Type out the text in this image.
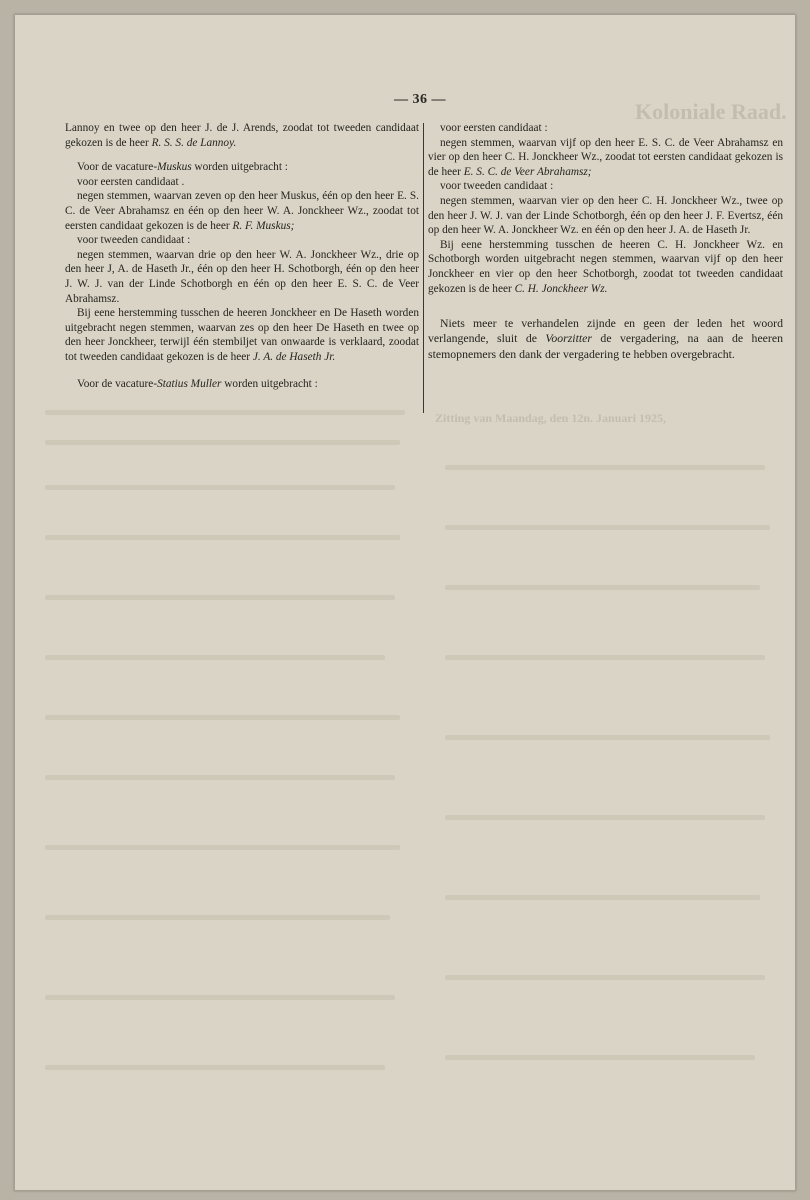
Koloniale Raad.
Zitting van Maandag, den 12n. Januari 1925,
— 36 —

Lannoy en twee op den heer J. de J. Arends, zoodat tot tweeden candidaat gekozen is de heer R. S. S. de Lannoy.

Voor de vacature-Muskus worden uitgebracht :

voor eersten candidaat .

negen stemmen, waarvan zeven op den heer Muskus, één op den heer E. S. C. de Veer Abrahamsz en één op den heer W. A. Jonckheer Wz., zoodat tot eersten candidaat gekozen is de heer R. F. Muskus;

voor tweeden candidaat :

negen stemmen, waarvan drie op den heer W. A. Jonckheer Wz., drie op den heer J, A. de Haseth Jr., één op den heer H. Schotborgh, één op den heer J. W. J. van der Linde Schotborgh en één op den heer E. S. C. de Veer Abrahamsz.

Bij eene herstemming tusschen de heeren Jonckheer en De Haseth worden uitgebracht negen stemmen, waarvan zes op den heer De Haseth en twee op den heer Jonckheer, terwijl één stembiljet van onwaarde is verklaard, zoodat tot tweeden candidaat gekozen is de heer J. A. de Haseth Jr.

Voor de vacature-Statius Muller worden uitgebracht :

voor eersten candidaat :

negen stemmen, waarvan vijf op den heer E. S. C. de Veer Abrahamsz en vier op den heer C. H. Jonckheer Wz., zoodat tot eersten candidaat gekozen is de heer E. S. C. de Veer Abrahamsz;

voor tweeden candidaat :

negen stemmen, waarvan vier op den heer C. H. Jonckheer Wz., twee op den heer J. W. J. van der Linde Schotborgh, één op den heer J. F. Evertsz, één op den heer W. A. Jonckheer Wz. en één op den heer J. A. de Haseth Jr.

Bij eene herstemming tusschen de heeren C. H. Jonckheer Wz. en Schotborgh worden uitgebracht negen stemmen, waarvan vijf op den heer Jonckheer en vier op den heer Schotborgh, zoodat tot tweeden candidaat gekozen is de heer C. H. Jonckheer Wz.

Niets meer te verhandelen zijnde en geen der leden het woord verlangende, sluit de Voorzitter de vergadering, na aan de heeren stemopnemers den dank der vergadering te hebben overgebracht.
